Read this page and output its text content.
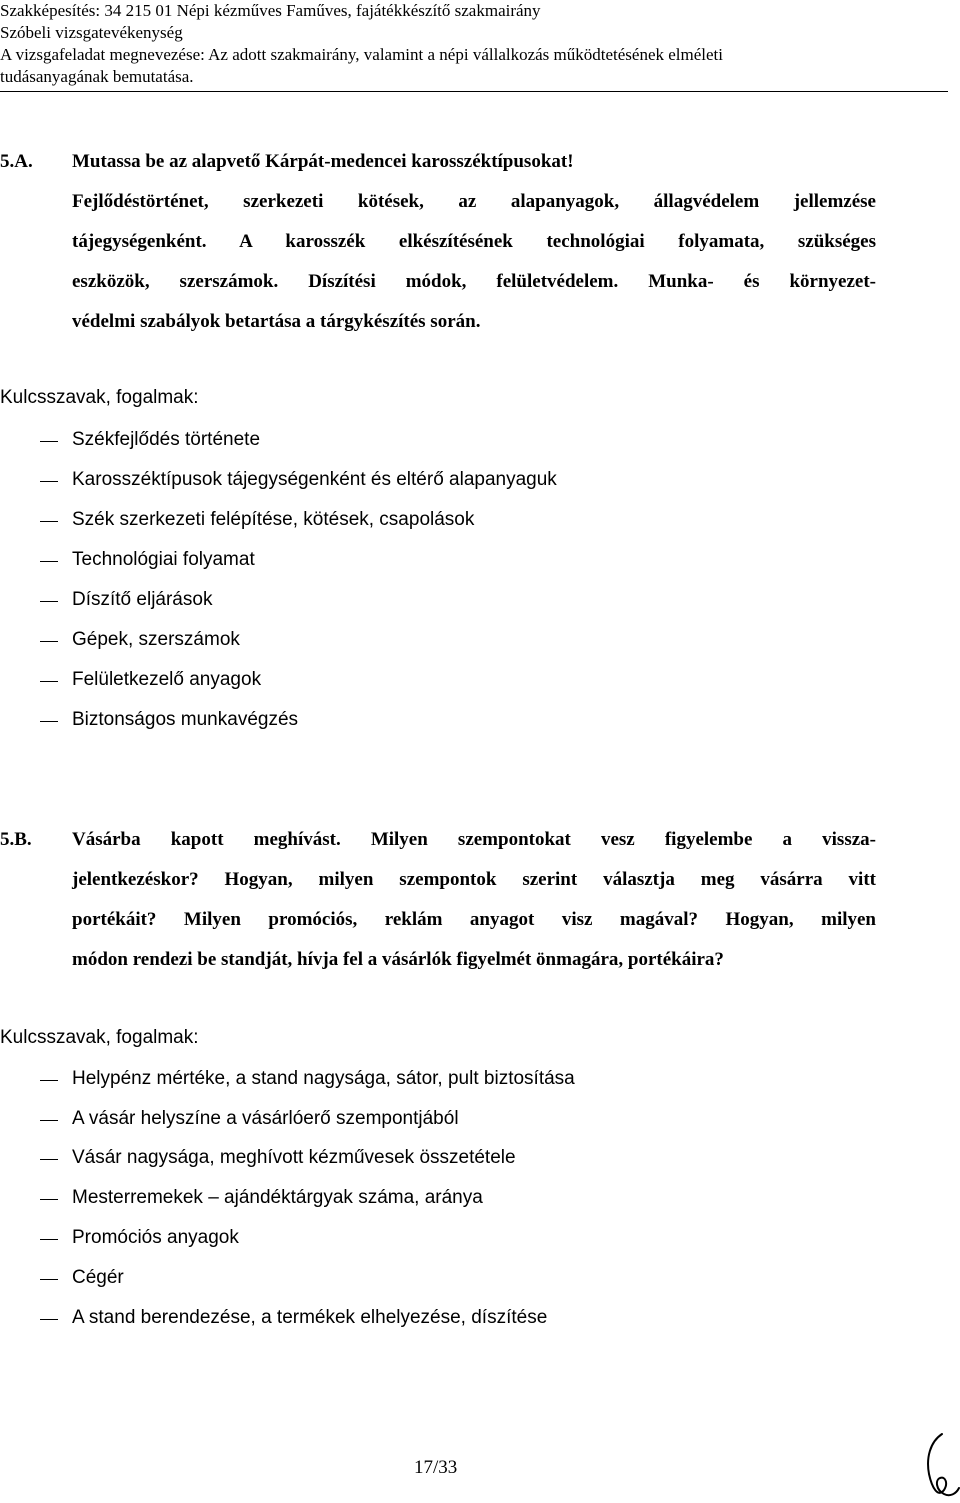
Szakképesítés: 34 215 01 Népi kézműves Faműves, fajátékkészítő szakmairány
Szóbeli vizsgatevékenység
A vizsgafeladat megnevezése: Az adott szakmairány, valamint a népi vállalkozás működtetésének elméleti
tudásanyagának bemutatása.
5.A. Mutassa be az alapvető Kárpát-medencei karosszéktípusokat!
Fejlődéstörténet, szerkezeti kötések, az alapanyagok, állagvédelem jellemzése
tájegységenként. A karosszék elkészítésének technológiai folyamata, szükséges
eszközök, szerszámok. Díszítési módok, felületvédelem. Munka- és környezet-
védelmi szabályok betartása a tárgykészítés során.
Kulcsszavak, fogalmak:
Székfejlődés története
Karosszéktípusok tájegységenként és eltérő alapanyaguk
Szék szerkezeti felépítése, kötések, csapolások
Technológiai folyamat
Díszítő eljárások
Gépek, szerszámok
Felületkezelő anyagok
Biztonságos munkavégzés
5.B. Vásárba kapott meghívást. Milyen szempontokat vesz figyelembe a vissza-
jelentkezéskor? Hogyan, milyen szempontok szerint választja meg vásárra vitt
portékáit? Milyen promóciós, reklám anyagot visz magával? Hogyan, milyen
módon rendezi be standját, hívja fel a vásárlók figyelmét önmagára, portékáira?
Kulcsszavak, fogalmak:
Helypénz mértéke, a stand nagysága, sátor, pult biztosítása
A vásár helyszíne a vásárlóerő szempontjából
Vásár nagysága, meghívott kézművesek összetétele
Mesterremekek – ajándéktárgyak száma, aránya
Promóciós anyagok
Cégér
A stand berendezése, a termékek elhelyezése, díszítése
17/33
